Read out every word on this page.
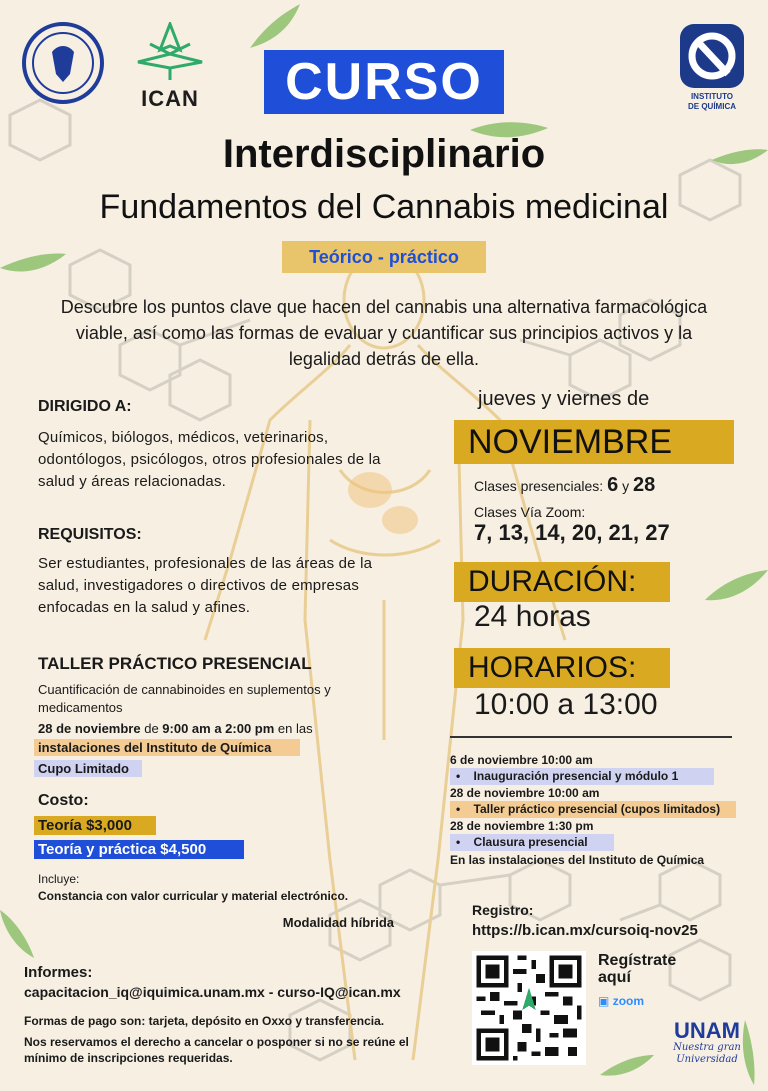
ICAN	INSTITUTO
DE QUÍMICA
CURSO
Interdisciplinario
Fundamentos del Cannabis medicinal
Teórico - práctico
Descubre los puntos clave que hacen del cannabis una alternativa farmacológica viable, así como las formas de evaluar y cuantificar sus principios activos y la legalidad detrás de ella.
DIRIGIDO A:
Químicos, biólogos, médicos, veterinarios, odontólogos, psicólogos, otros profesionales de la salud y áreas relacionadas.
REQUISITOS:
Ser estudiantes, profesionales de las áreas de la salud, investigadores o directivos de empresas enfocadas en la salud y afines.
TALLER PRÁCTICO PRESENCIAL
Cuantificación de cannabinoides en suplementos y medicamentos
28 de noviembre de 9:00 am a 2:00 pm en las
instalaciones del Instituto de Química
Cupo Limitado
Costo:
Teoría $3,000
Teoría y práctica $4,500
Incluye:
Constancia con valor curricular y material electrónico.
Modalidad híbrida
jueves y viernes de
NOVIEMBRE
Clases presenciales: 6 y 28
Clases Vía Zoom:
7, 13, 14, 20, 21, 27
DURACIÓN:
24 horas
HORARIOS:
10:00 a 13:00
6 de noviembre 10:00 am
•    Inauguración presencial y módulo 1
28 de noviembre 10:00 am
•    Taller práctico presencial (cupos limitados)
28 de noviembre 1:30 pm
•    Clausura presencial
En las instalaciones del Instituto de Química
Registro:
https://b.ican.mx/cursoiq-nov25
Regístrate
aquí
▣ zoom
UNAM
Nuestra gran
Universidad
Informes:
capacitacion_iq@iquimica.unam.mx - curso-IQ@ican.mx
Formas de pago son: tarjeta, depósito en Oxxo y transferencia.
Nos reservamos el derecho a cancelar o posponer si no se reúne el mínimo de inscripciones requeridas.
